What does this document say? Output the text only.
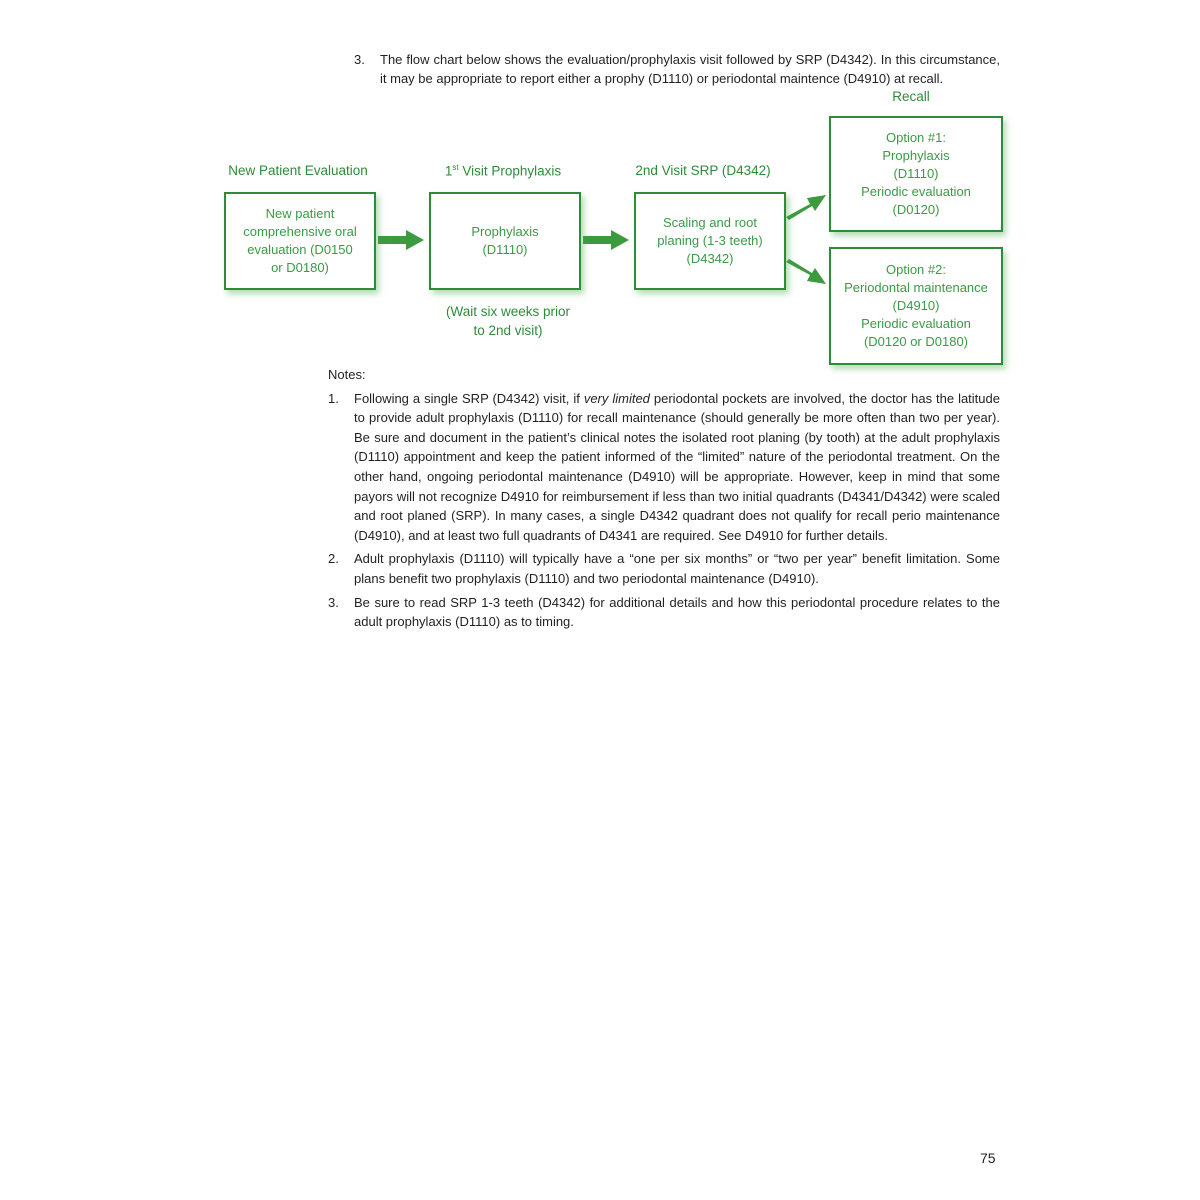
3. The flow chart below shows the evaluation/prophylaxis visit followed by SRP (D4342). In this circumstance, it may be appropriate to report either a prophy (D1110) or periodontal maintence (D4910) at recall.
Recall
New Patient Evaluation	1st Visit Prophylaxis	2nd Visit SRP (D4342)
New patient
comprehensive oral
evaluation (D0150
or D0180)
Prophylaxis
(D1110)
Scaling and root
planing (1-3 teeth)
(D4342)
Option #1:
Prophylaxis
(D1110)
Periodic evaluation
(D0120)
Option #2:
Periodontal maintenance
(D4910)
Periodic evaluation
(D0120 or D0180)
(Wait six weeks prior
to 2nd visit)
Notes:
1. Following a single SRP (D4342) visit, if very limited periodontal pockets are involved, the doctor has the latitude to provide adult prophylaxis (D1110) for recall maintenance (should generally be more often than two per year). Be sure and document in the patient’s clinical notes the isolated root planing (by tooth) at the adult prophylaxis (D1110) appointment and keep the patient informed of the “limited” nature of the periodontal treatment. On the other hand, ongoing periodontal maintenance (D4910) will be appropriate. However, keep in mind that some payors will not recognize D4910 for reimbursement if less than two initial quadrants (D4341/D4342) were scaled and root planed (SRP). In many cases, a single D4342 quadrant does not qualify for recall perio maintenance (D4910), and at least two full quadrants of D4341 are required. See D4910 for further details.
2. Adult prophylaxis (D1110) will typically have a “one per six months” or “two per year” benefit limitation. Some plans benefit two prophylaxis (D1110) and two periodontal maintenance (D4910).
3. Be sure to read SRP 1-3 teeth (D4342) for additional details and how this periodontal procedure relates to the adult prophylaxis (D1110) as to timing.
75
